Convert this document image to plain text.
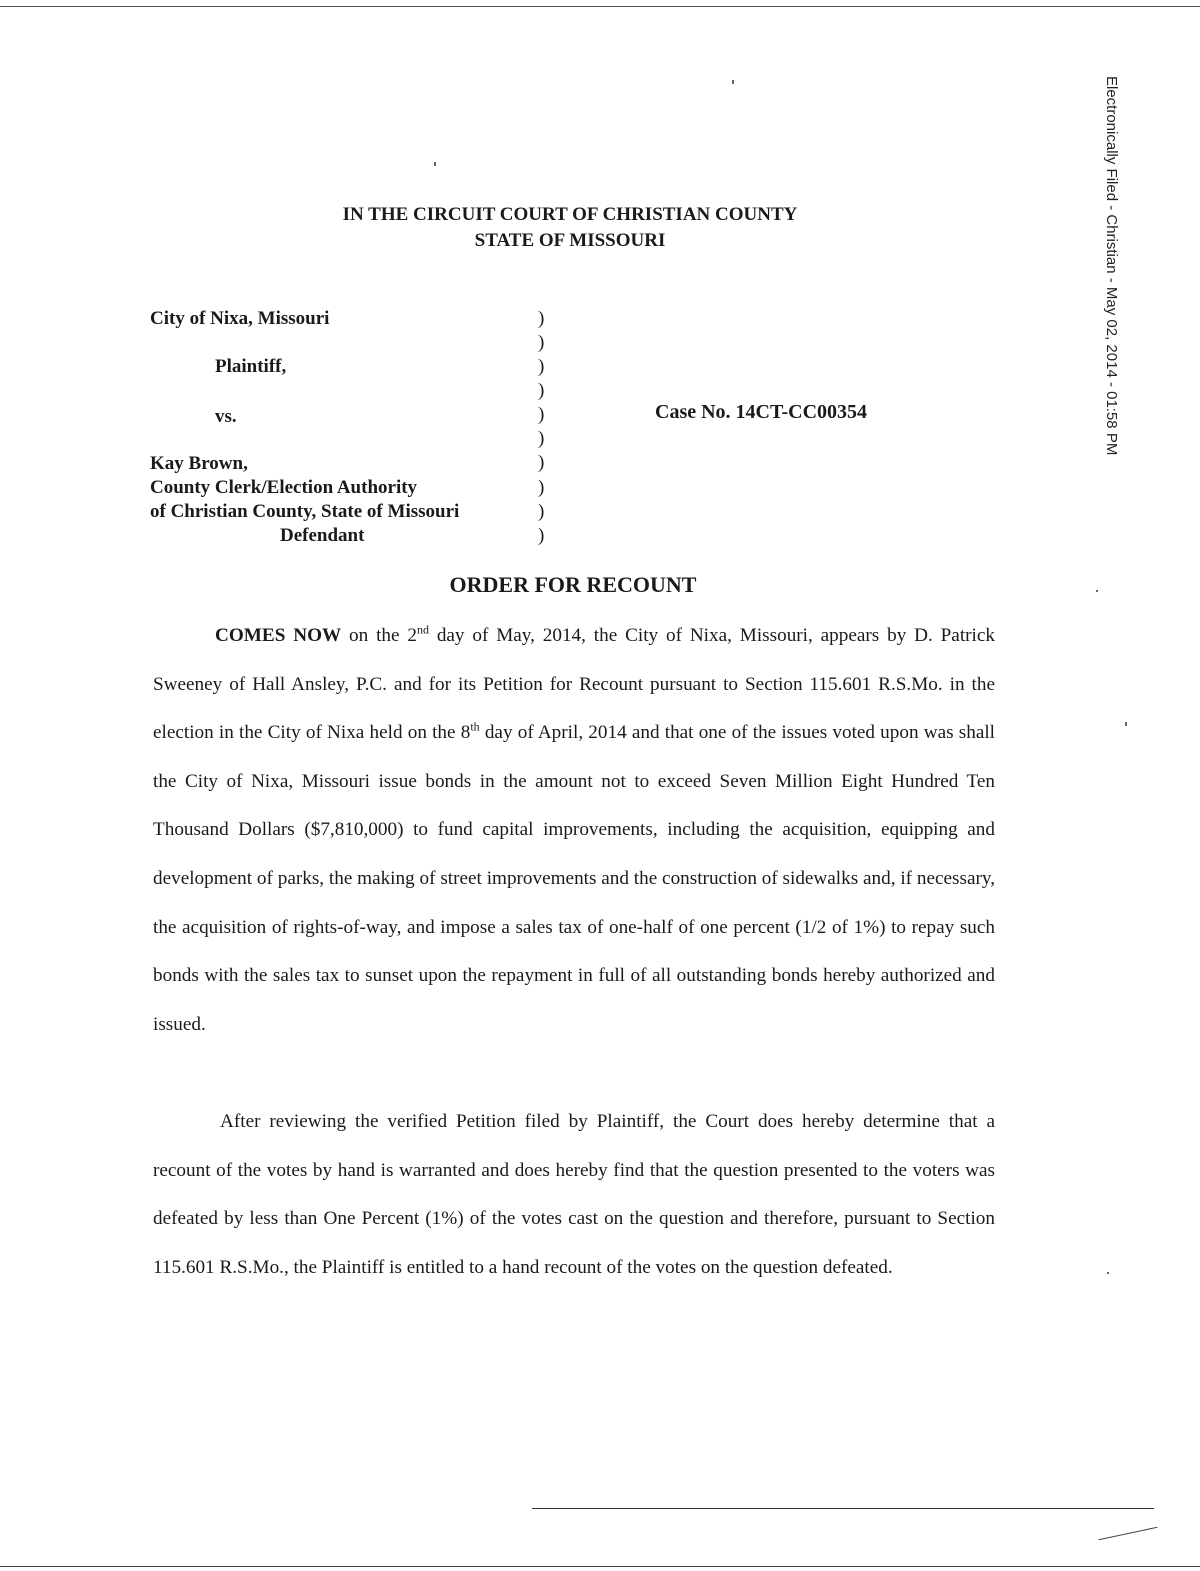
Electronically Filed - Christian - May 02, 2014 - 01:58 PM
IN THE CIRCUIT COURT OF CHRISTIAN COUNTY
STATE OF MISSOURI
City of Nixa, Missouri
Plaintiff,
vs.
Kay Brown,
County Clerk/Election Authority
of Christian County, State of Missouri
Defendant
)
)
)
)
)
)
)
)
)
)
Case No. 14CT-CC00354
ORDER FOR RECOUNT

COMES NOW on the 2nd day of May, 2014, the City of Nixa, Missouri, appears by D. Patrick Sweeney of Hall Ansley, P.C. and for its Petition for Recount pursuant to Section 115.601 R.S.Mo. in the election in the City of Nixa held on the 8th day of April, 2014 and that one of the issues voted upon was shall the City of Nixa, Missouri issue bonds in the amount not to exceed Seven Million Eight Hundred Ten Thousand Dollars ($7,810,000) to fund capital improvements, including the acquisition, equipping and development of parks, the making of street improvements and the construction of sidewalks and, if necessary, the acquisition of rights-of-way, and impose a sales tax of one-half of one percent (1/2 of 1%) to repay such bonds with the sales tax to sunset upon the repayment in full of all outstanding bonds hereby authorized and issued.

After reviewing the verified Petition filed by Plaintiff, the Court does hereby determine that a recount of the votes by hand is warranted and does hereby find that the question presented to the voters was defeated by less than One Percent (1%) of the votes cast on the question and therefore, pursuant to Section 115.601 R.S.Mo., the Plaintiff is entitled to a hand recount of the votes on the question defeated.
